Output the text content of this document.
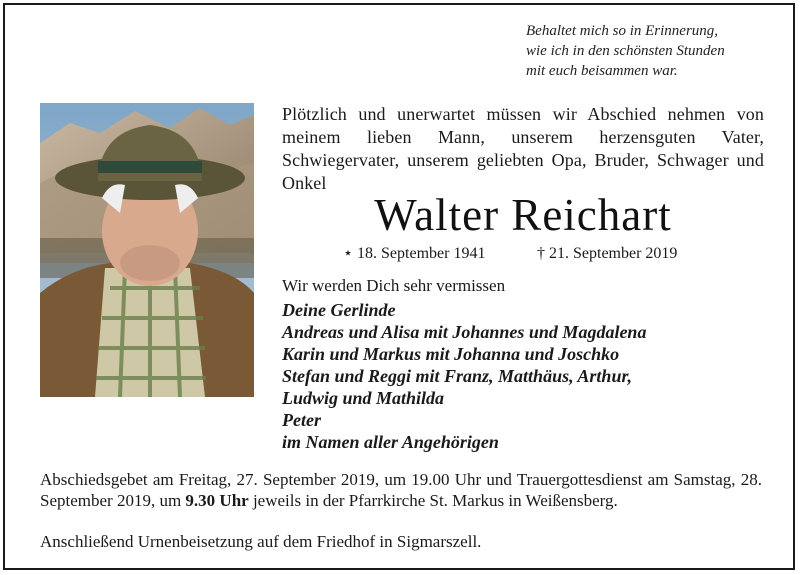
Behaltet mich so in Erinnerung,
wie ich in den schönsten Stunden
mit euch beisammen war.
Plötzlich und unerwartet müssen wir Abschied nehmen von meinem lieben Mann, unserem herzensguten Vater, Schwiegervater, unserem geliebten Opa, Bruder, Schwager und Onkel
Walter Reichart
⋆ 18. September 1941	† 21. September 2019
Wir werden Dich sehr vermissen
Deine Gerlinde
Andreas und Alisa mit Johannes und Magdalena
Karin und Markus mit Johanna und Joschko
Stefan und Reggi mit Franz, Matthäus, Arthur,
Ludwig und Mathilda
Peter
im Namen aller Angehörigen
Abschiedsgebet am Freitag, 27. September 2019, um 19.00 Uhr und Trauergottesdienst am Samstag, 28. September 2019, um 9.30 Uhr jeweils in der Pfarrkirche St. Markus in Weißensberg.
Anschließend Urnenbeisetzung auf dem Friedhof in Sigmarszell.
